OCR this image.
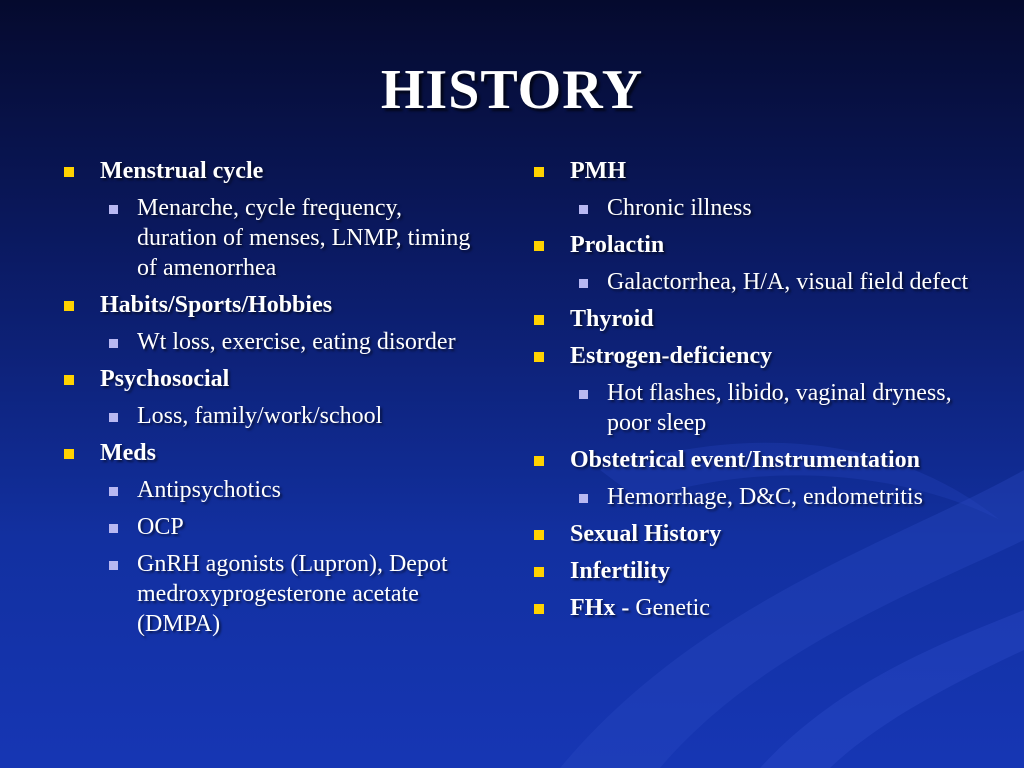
HISTORY
Menstrual cycle
Menarche, cycle frequency, duration of menses, LNMP, timing of amenorrhea
Habits/Sports/Hobbies
Wt loss, exercise, eating disorder
Psychosocial
Loss, family/work/school
Meds
Antipsychotics
OCP
GnRH agonists (Lupron), Depot medroxyprogesterone acetate (DMPA)
PMH
Chronic illness
Prolactin
Galactorrhea, H/A, visual field defect
Thyroid
Estrogen-deficiency
Hot flashes, libido, vaginal dryness, poor sleep
Obstetrical event/Instrumentation
Hemorrhage, D&C, endometritis
Sexual History
Infertility
FHx - Genetic
